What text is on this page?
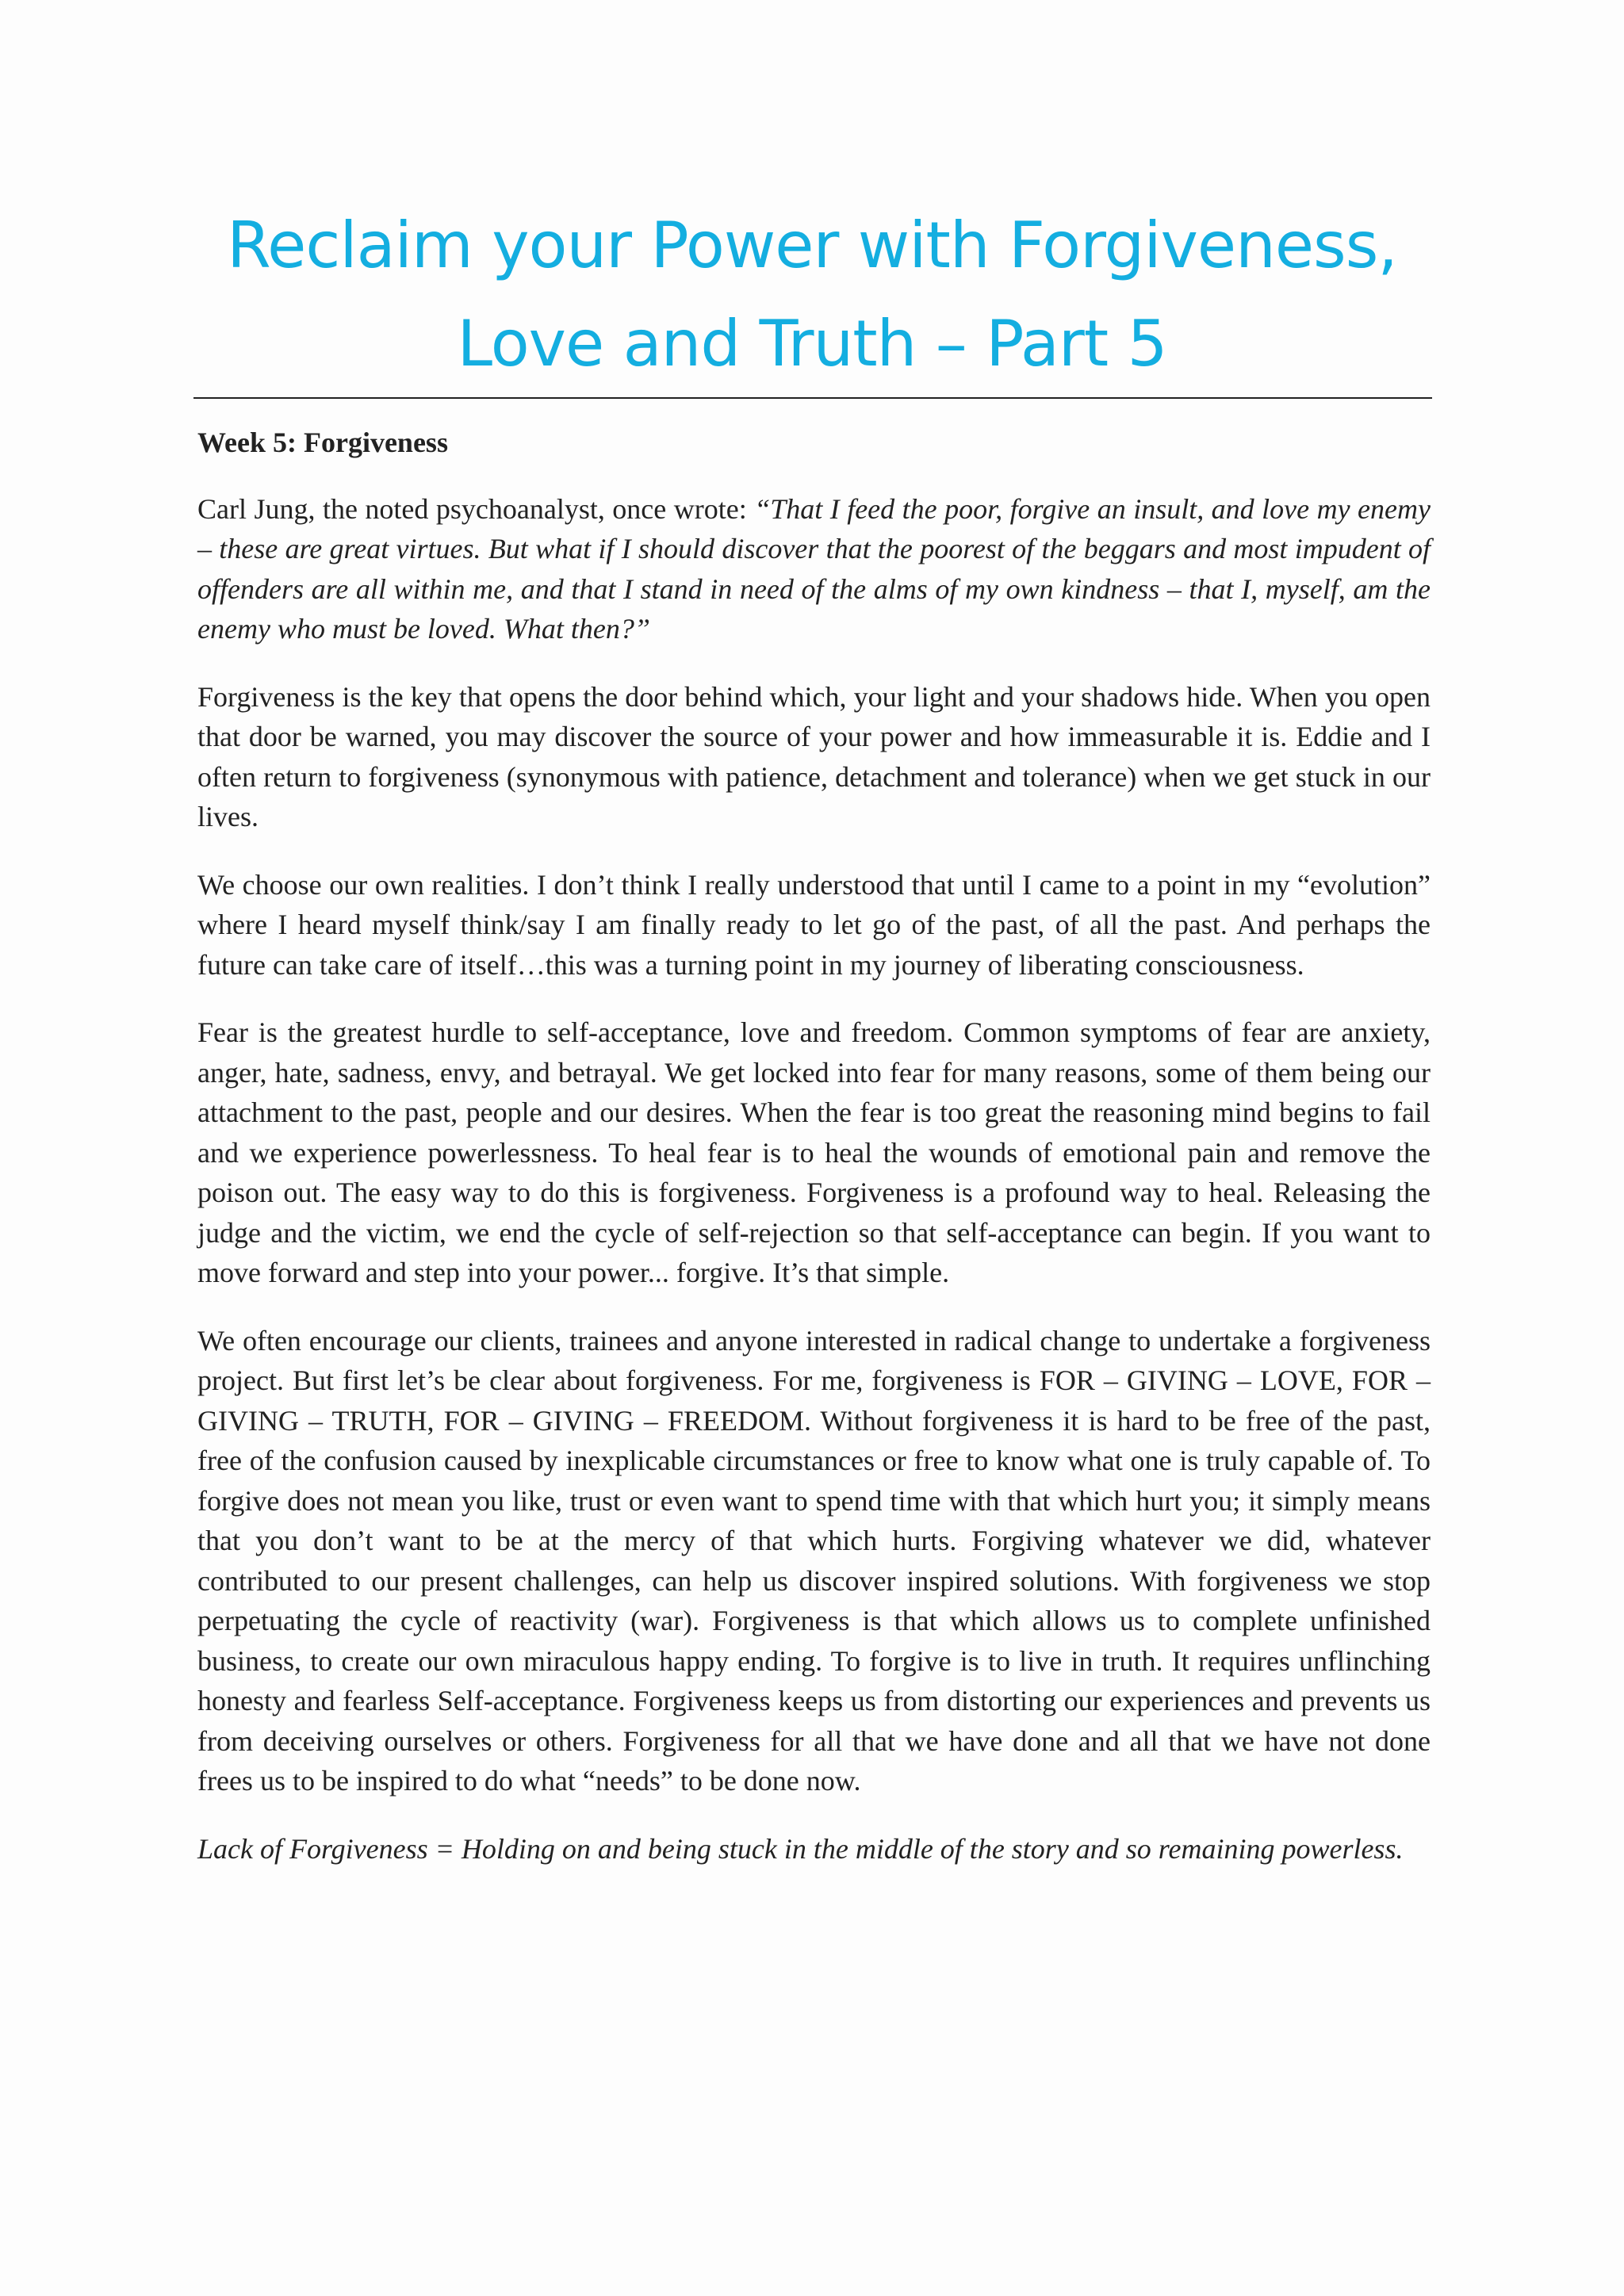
Reclaim your Power with Forgiveness,
Love and Truth – Part 5

Week 5: Forgiveness

Carl Jung, the noted psychoanalyst, once wrote: “That I feed the poor, forgive an insult, and love my enemy – these are great virtues. But what if I should discover that the poorest of the beggars and most impudent of offenders are all within me, and that I stand in need of the alms of my own kindness – that I, myself, am the enemy who must be loved. What then?”

Forgiveness is the key that opens the door behind which, your light and your shadows hide. When you open that door be warned, you may discover the source of your power and how immeasurable it is. Eddie and I often return to forgiveness (synonymous with patience, detachment and tolerance) when we get stuck in our lives.

We choose our own realities. I don’t think I really understood that until I came to a point in my “evolution” where I heard myself think/say I am finally ready to let go of the past, of all the past. And perhaps the future can take care of itself…this was a turning point in my journey of liberating consciousness.

Fear is the greatest hurdle to self-acceptance, love and freedom. Common symptoms of fear are anxiety, anger, hate, sadness, envy, and betrayal. We get locked into fear for many reasons, some of them being our attachment to the past, people and our desires. When the fear is too great the reasoning mind begins to fail and we experience powerlessness. To heal fear is to heal the wounds of emotional pain and remove the poison out. The easy way to do this is forgiveness. Forgiveness is a profound way to heal. Releasing the judge and the victim, we end the cycle of self-rejection so that self-acceptance can begin. If you want to move forward and step into your power... forgive. It’s that simple.

We often encourage our clients, trainees and anyone interested in radical change to undertake a forgiveness project. But first let’s be clear about forgiveness. For me, forgiveness is FOR – GIVING – LOVE, FOR – GIVING – TRUTH, FOR – GIVING – FREEDOM. Without forgiveness it is hard to be free of the past, free of the confusion caused by inexplicable circumstances or free to know what one is truly capable of. To forgive does not mean you like, trust or even want to spend time with that which hurt you; it simply means that you don’t want to be at the mercy of that which hurts. Forgiving whatever we did, whatever contributed to our present challenges, can help us discover inspired solutions. With forgiveness we stop perpetuating the cycle of reactivity (war). Forgiveness is that which allows us to complete unfinished business, to create our own miraculous happy ending. To forgive is to live in truth. It requires unflinching honesty and fearless Self-acceptance. Forgiveness keeps us from distorting our experiences and prevents us from deceiving ourselves or others. Forgiveness for all that we have done and all that we have not done frees us to be inspired to do what “needs” to be done now.

Lack of Forgiveness = Holding on and being stuck in the middle of the story and so remaining powerless.
